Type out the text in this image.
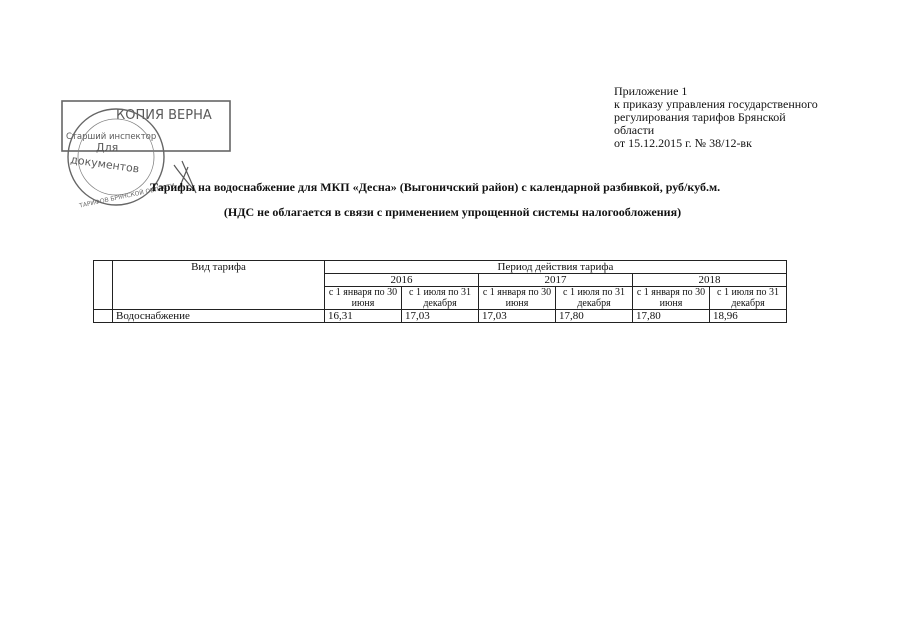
Приложение 1
к приказу управления государственного
регулирования тарифов Брянской
области
от 15.12.2015 г. № 38/12-вк
КОПИЯ ВЕРНА
Старший инспектор
Для
документов
ТАРИФОВ БРЯНСКОЙ ОБЛАСТИ
Тарифы на водоснабжение для МКП «Десна» (Выгоничский район) с календарной разбивкой, руб/куб.м.
(НДС не облагается в связи с применением упрощенной системы налогообложения)
	Вид тарифа	Период действия тарифа					
		2016		2017		2018	
		с 1 января по 30 июня	с 1 июля по 31 декабря	с 1 января по 30 июня	с 1 июля по 31 декабря	с 1 января по 30 июня	с 1 июля по 31 декабря
	Водоснабжение	16,31	17,03	17,03	17,80	17,80	18,96
